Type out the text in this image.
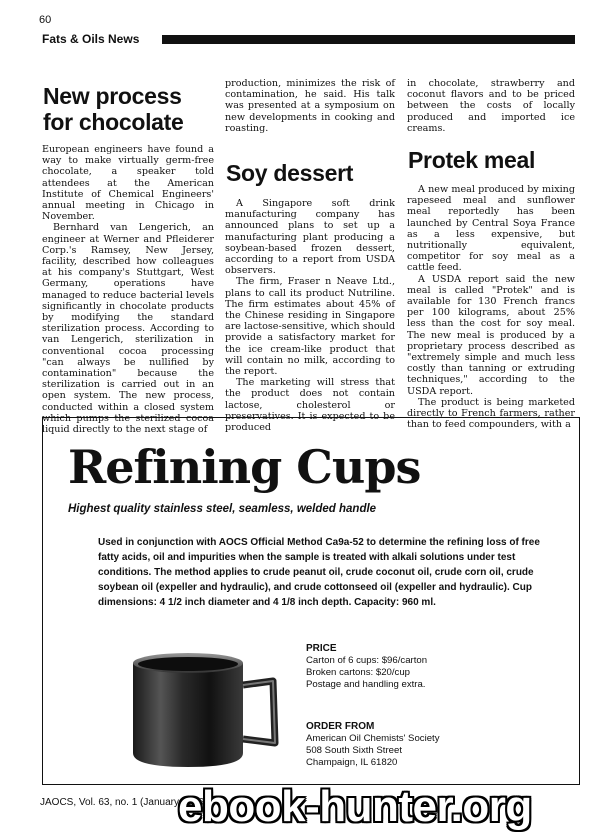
60
Fats & Oils News
New process for chocolate

European engineers have found a way to make virtually germ-free chocolate, a speaker told attendees at the American Institute of Chemical Engineers' annual meeting in Chicago in November.

Bernhard van Lengerich, an engineer at Werner and Pfleiderer Corp.'s Ramsey, New Jersey, facility, described how colleagues at his company's Stuttgart, West Germany, operations have managed to reduce bacterial levels significantly in chocolate products by modifying the standard sterilization process. According to van Lengerich, sterilization in conventional cocoa processing "can always be nullified by contamination" because the sterilization is carried out in an open system. The new process, conducted within a closed system which pumps the sterilized cocoa liquid directly to the next stage of

production, minimizes the risk of contamination, he said. His talk was presented at a symposium on new developments in cooking and roasting.

Soy dessert

A Singapore soft drink manufacturing company has announced plans to set up a manufacturing plant producing a soybean-based frozen dessert, according to a report from USDA observers.

The firm, Fraser n Neave Ltd., plans to call its product Nutriline. The firm estimates about 45% of the Chinese residing in Singapore are lactose-sensitive, which should provide a satisfactory market for the ice cream-like product that will contain no milk, according to the report.

The marketing will stress that the product does not contain lactose, cholesterol or preservatives. It is expected to be produced

in chocolate, strawberry and coconut flavors and to be priced between the costs of locally produced and imported ice creams.

Protek meal

A new meal produced by mixing rapeseed meal and sunflower meal reportedly has been launched by Central Soya France as a less expensive, but nutritionally equivalent, competitor for soy meal as a cattle feed.

A USDA report said the new meal is called "Protek" and is available for 130 French francs per 100 kilograms, about 25% less than the cost for soy meal. The new meal is produced by a proprietary process described as "extremely simple and much less costly than tanning or extruding techniques," according to the USDA report.

The product is being marketed directly to French farmers, rather than to feed compounders, with a

Refining Cups
Highest quality stainless steel, seamless, welded handle
Used in conjunction with AOCS Official Method Ca9a-52 to determine the refining loss of free fatty acids, oil and impurities when the sample is treated with alkali solutions under test conditions. The method applies to crude peanut oil, crude coconut oil, crude corn oil, crude soybean oil (expeller and hydraulic), and crude cottonseed oil (expeller and hydraulic). Cup dimensions: 4 1/2 inch diameter and 4 1/8 inch depth. Capacity: 960 ml.
PRICE
Carton of 6 cups: $96/carton
Broken cartons: $20/cup
Postage and handling extra.
ORDER FROM
American Oil Chemists' Society
508 South Sixth Street
Champaign, IL 61820
JAOCS, Vol. 63, no. 1 (January 1986)
ebook-hunter.org
